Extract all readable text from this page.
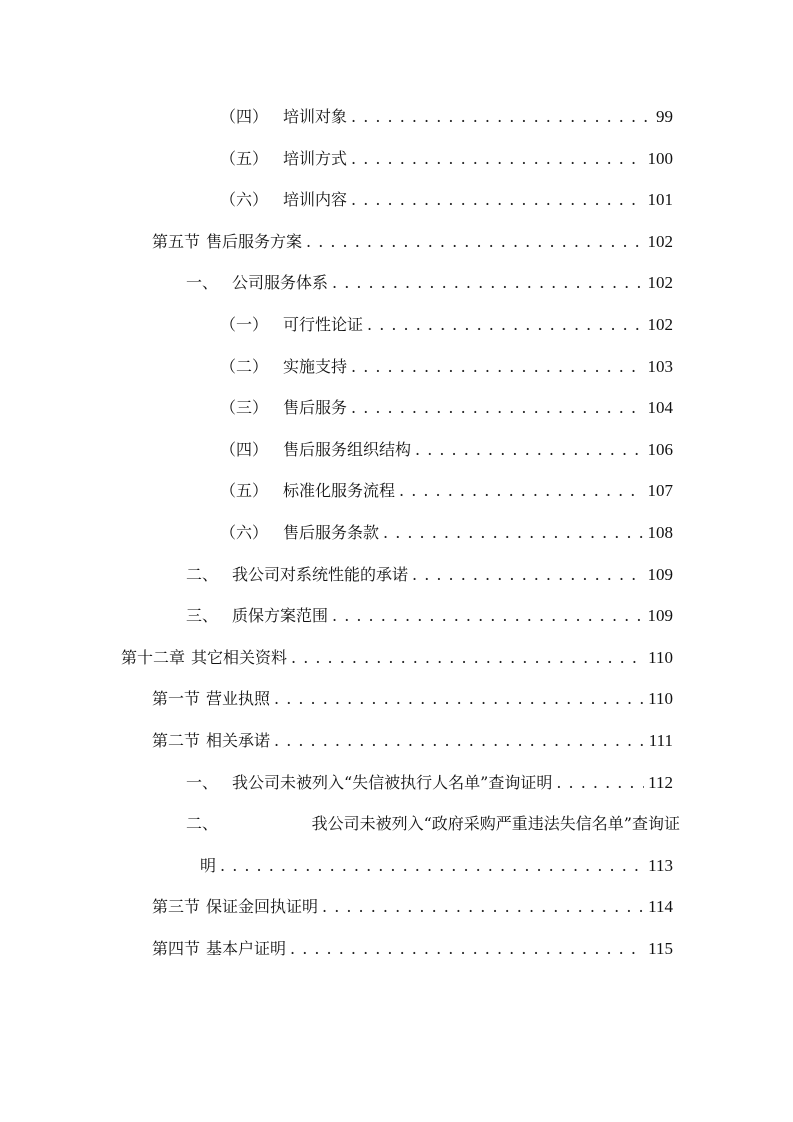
（四） 培训对象 . . .	99
（五） 培训方式 . . .	100
（六） 培训内容 . . .	101
第五节 售后服务方案 . . .	102
一、 公司服务体系 . . .	102
（一） 可行性论证 . . .	102
（二） 实施支持 . . .	103
（三） 售后服务 . . .	104
（四） 售后服务组织结构 . . .	106
（五） 标准化服务流程 . . .	107
（六） 售后服务条款 . . .	108
二、 我公司对系统性能的承诺 . . .	109
三、 质保方案范围 . . .	109
第十二章 其它相关资料 . . .	110
第一节 营业执照 . . .	110
第二节 相关承诺 . . .	111
一、 我公司未被列入“失信被执行人名单”查询证明 . . .	112
二、	我公司未被列入“政府采购严重违法失信名单”查询证
明 . . .	113
第三节 保证金回执证明 . . .	114
第四节 基本户证明 . . .	115
